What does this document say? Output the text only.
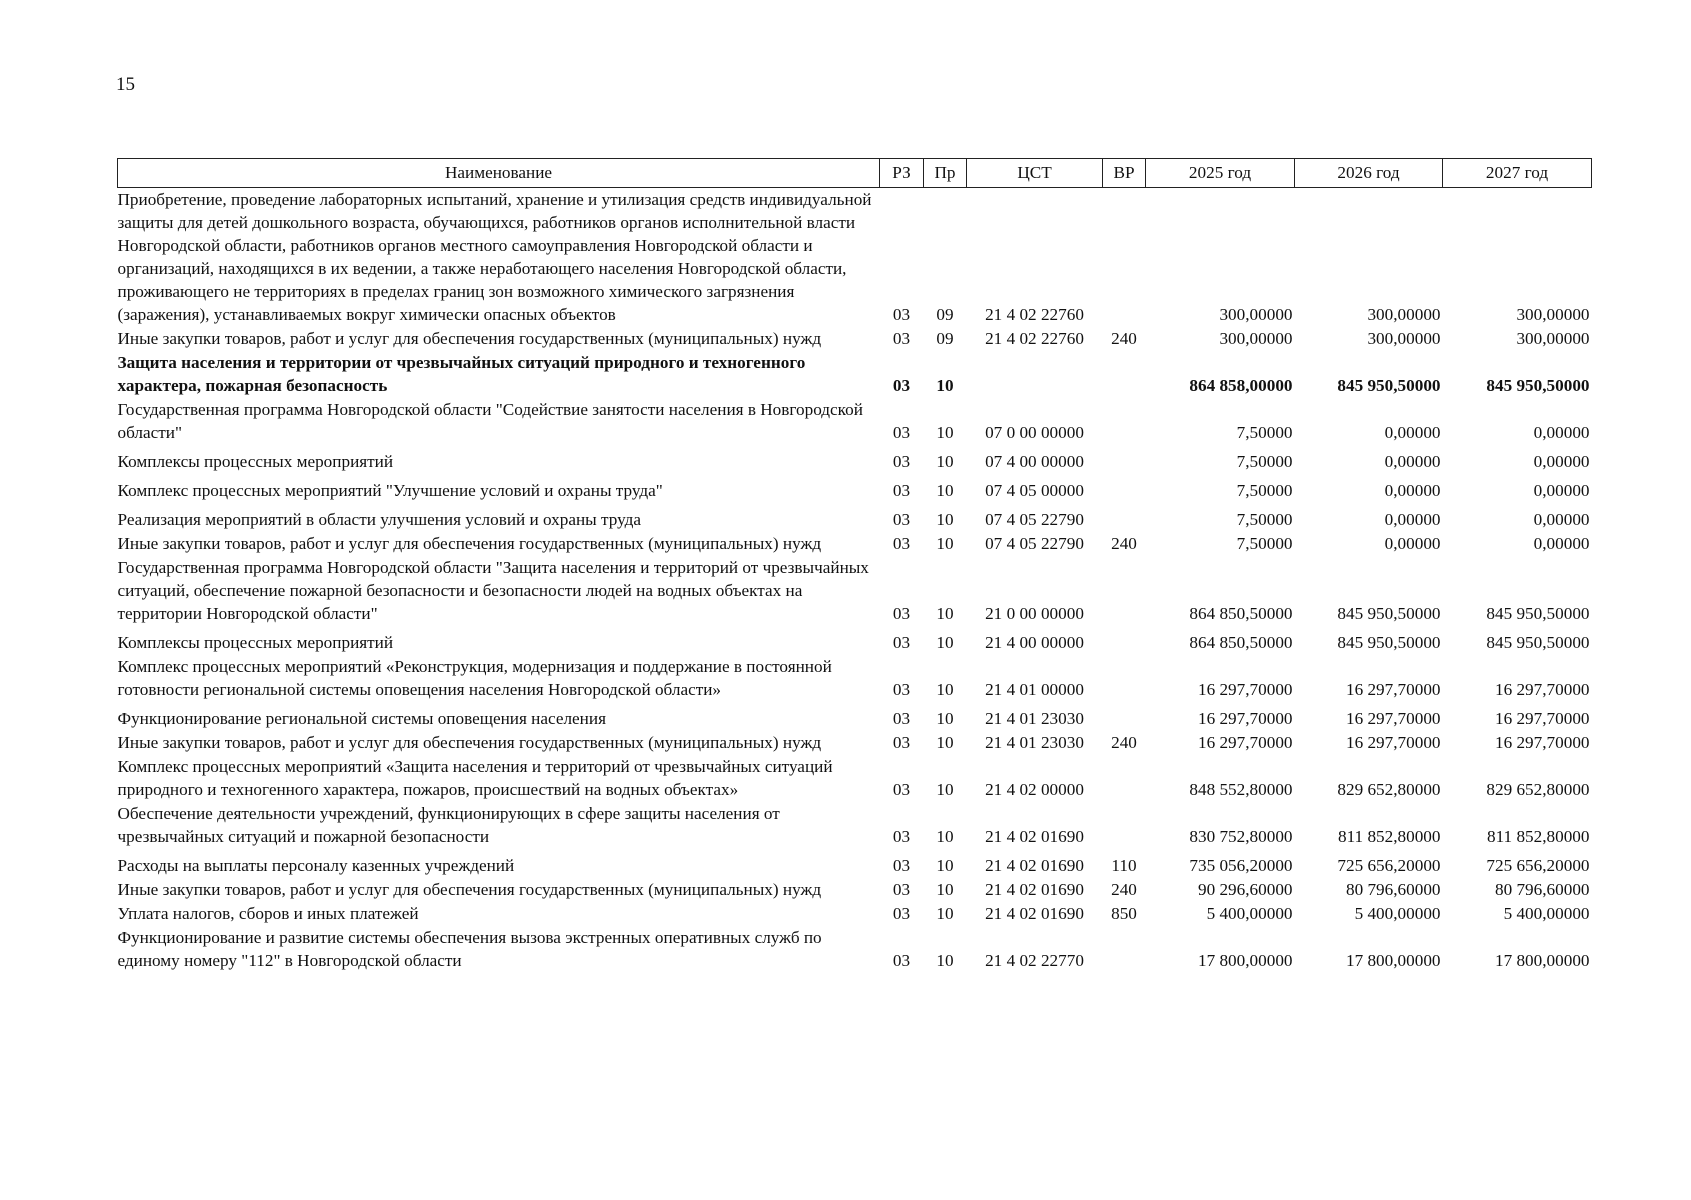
15
Наименование	РЗ	Пр	ЦСТ	ВР	2025 год	2026 год	2027 год
Приобретение, проведение лабораторных испытаний, хранение и утилизация средств индивидуальной защиты для детей дошкольного возраста, обучающихся, работников органов исполнительной власти Новгородской области, работников органов местного самоуправления Новгородской области и организаций, находящихся в их ведении, а также неработающего населения Новгородской области, проживающего не территориях в пределах границ зон возможного химического загрязнения (заражения), устанавливаемых вокруг химически опасных объектов	03	09	21 4 02 22760		300,00000	300,00000	300,00000
Иные закупки товаров, работ и услуг для обеспечения государственных (муниципальных) нужд	03	09	21 4 02 22760	240	300,00000	300,00000	300,00000
Защита населения и территории от чрезвычайных ситуаций природного и техногенного характера, пожарная безопасность	03	10			864 858,00000	845 950,50000	845 950,50000
Государственная программа Новгородской области "Содействие занятости населения в Новгородской области"	03	10	07 0 00 00000		7,50000	0,00000	0,00000
Комплексы процессных мероприятий	03	10	07 4 00 00000		7,50000	0,00000	0,00000
Комплекс процессных мероприятий "Улучшение условий и охраны труда"	03	10	07 4 05 00000		7,50000	0,00000	0,00000
Реализация мероприятий в области улучшения условий и охраны труда	03	10	07 4 05 22790		7,50000	0,00000	0,00000
Иные закупки товаров, работ и услуг для обеспечения государственных (муниципальных) нужд	03	10	07 4 05 22790	240	7,50000	0,00000	0,00000
Государственная программа Новгородской области "Защита населения и территорий от чрезвычайных ситуаций, обеспечение пожарной безопасности и безопасности людей на водных объектах на территории Новгородской области"	03	10	21 0 00 00000		864 850,50000	845 950,50000	845 950,50000
Комплексы процессных мероприятий	03	10	21 4 00 00000		864 850,50000	845 950,50000	845 950,50000
Комплекс процессных мероприятий «Реконструкция, модернизация и поддержание в постоянной готовности региональной системы оповещения населения Новгородской области»	03	10	21 4 01 00000		16 297,70000	16 297,70000	16 297,70000
Функционирование региональной системы оповещения населения	03	10	21 4 01 23030		16 297,70000	16 297,70000	16 297,70000
Иные закупки товаров, работ и услуг для обеспечения государственных (муниципальных) нужд	03	10	21 4 01 23030	240	16 297,70000	16 297,70000	16 297,70000
Комплекс процессных мероприятий «Защита населения и территорий от чрезвычайных ситуаций природного и техногенного характера, пожаров, происшествий на водных объектах»	03	10	21 4 02 00000		848 552,80000	829 652,80000	829 652,80000
Обеспечение деятельности учреждений, функционирующих в сфере защиты населения от чрезвычайных ситуаций и пожарной безопасности	03	10	21 4 02 01690		830 752,80000	811 852,80000	811 852,80000
Расходы на выплаты персоналу казенных учреждений	03	10	21 4 02 01690	110	735 056,20000	725 656,20000	725 656,20000
Иные закупки товаров, работ и услуг для обеспечения государственных (муниципальных) нужд	03	10	21 4 02 01690	240	90 296,60000	80 796,60000	80 796,60000
Уплата налогов, сборов и иных платежей	03	10	21 4 02 01690	850	5 400,00000	5 400,00000	5 400,00000
Функционирование и развитие системы обеспечения вызова экстренных оперативных служб по единому номеру "112" в Новгородской области	03	10	21 4 02 22770		17 800,00000	17 800,00000	17 800,00000
